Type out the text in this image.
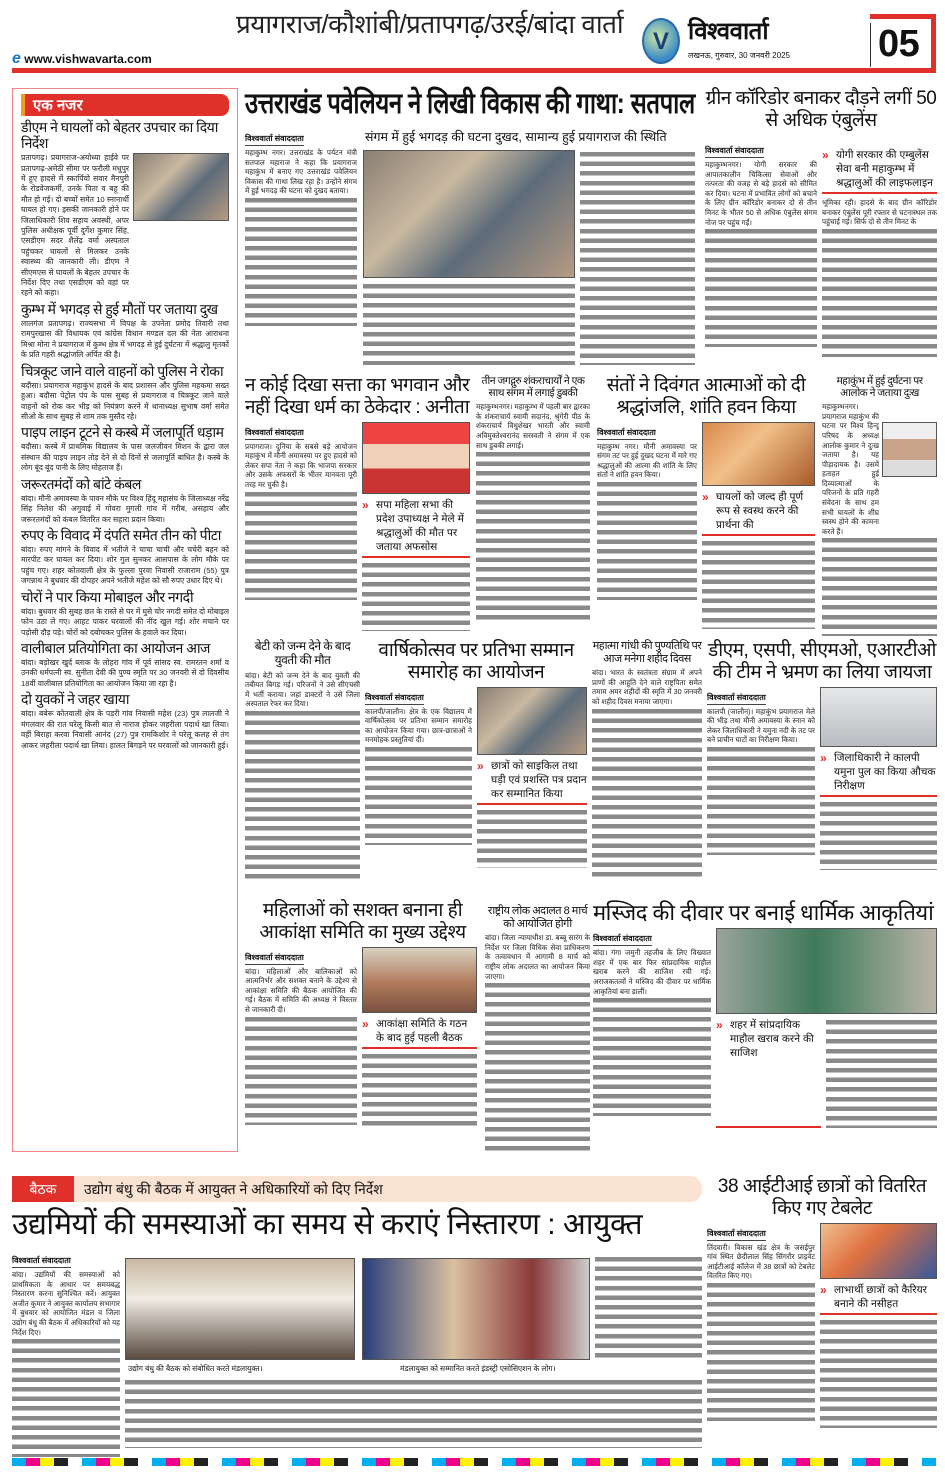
प्रयागराज/कौशांबी/प्रतापगढ़/उरई/बांदा वार्ता
V विश्ववार्ता
लखनऊ, गुरुवार, 30 जनवरी 2025	05
e www.vishwavarta.com
एक नजर
डीएम ने घायलों को बेहतर उपचार का दिया निर्देश
प्रतापगढ़। प्रयागराज-अयोध्या हाईवे पर प्रतापगढ़-अमेठी सीमा पर फरौली मधुपुर में हुए हादसे में स्कार्पियो सवार मैनपुरी के रोडवेजकर्मी, उनके पिता व बहू की मौत हो गई। दो बच्चों समेत 10 स्नानार्थी घायल हो गए। इसकी जानकारी होने पर जिलाधिकारी शिव सहाय अवस्थी, अपर पुलिस अधीक्षक पूर्वी दुर्गेश कुमार सिंह, एसडीएम सदर शैलेंद्र वर्मा अस्पताल पहुंचकर घायलों से मिलकर उनके स्वास्थ्य की जानकारी ली। डीएम ने सीएमएस से घायलों के बेहतर उपचार के निर्देश दिए तथा एसडीएम को वहां पर रहने को कहा।
कुम्भ में भगदड़ से हुई मौतों पर जताया दुख
लालगंज प्रतापगढ़। राज्यसभा में विपक्ष के उपनेता प्रमोद तिवारी तथा रामपुरखास की विधायक एवं कांग्रेस विधान मण्डल दल की नेता आराधना मिश्रा मोना ने प्रयागराज में कुम्भ क्षेत्र में भगदड़ से हुई दुर्घटना में श्रद्धालु मृतकों के प्रति गहरी श्रद्धांजलि अर्पित की है।
चित्रकूट जाने वाले वाहनों को पुलिस ने रोका
बदौसा। प्रयागराज महाकुंभ हादसे के बाद प्रशासन और पुलिस महकमा सख्त हुआ। बदौसा पेट्रोल पंप के पास सुबह से प्रयागराज व चित्रकूट जाने वाले वाहनों को रोक कर भीड़ को नियंत्रण करने में थानाध्यक्ष सुभाष वर्मा समेत सीओ के साथ सुबह से शाम तक मुस्तैद रहे।
पाइप लाइन टूटने से कस्बे में जलापूर्ति धड़ाम
बदौसा। कस्बे में प्राथमिक विद्यालय के पास जलजीवन मिशन के द्वारा जल संस्थान की पाइप लाइन तोड़ देने से दो दिनों से जलापूर्ति बाधित है। कस्बे के लोग बूंद बूंद पानी के लिए मोहताज हैं।
जरूरतमंदों को बांटे कंबल
बांदा। मौनी अमावस्या के पावन मौके पर विश्व हिंदू महासंघ के जिलाध्यक्ष नरेंद्र सिंह निलेश की अगुवाई में गोवरा मुगली गांव में गरीब, असहाय और जरूरतमंदों को कंबल वितरित कर सहारा प्रदान किया।
रुपए के विवाद में दंपति समेत तीन को पीटा
बांदा। रुपए मांगने के विवाद में भतीजे ने चाचा चाची और चचेरी बहन को मारपीट कर घायल कर दिया। शोर गुल सुनकर आसपास के लोग मौके पर पहुंच गए। शहर कोतवाली क्षेत्र के फुल्ला पुरवा निवासी राजाराम (55) पुत्र जगन्नाथ ने बुधवार की दोपहर अपने भतीजे महेश को सौ रुपए उधार दिए थे।
चोरों ने पार किया मोबाइल और नगदी
बांदा। बुधवार की सुबह छत के रास्ते से घर में घुसे चोर नगदी समेत दो मोबाइल फोन उठा ले गए। आहट पाकर घरवालों की नींद खुल गई। शोर मचाने पर पड़ोसी दौड़ पड़े। चोरों को दबोचकर पुलिस के हवाले कर दिया।
वालीबाल प्रतियोगिता का आयोजन आज
बांदा। बड़ोखर खुर्द ब्लाक के लोहरा गांव में पूर्व सांसद स्व. रामरतन शर्मा व उनकी धर्मपत्नी स्व. सुनीता देवी की पुण्य स्मृति पर 30 जनवरी से दो दिवसीय 18वीं वालीबाल प्रतियोगिता का आयोजन किया जा रहा है।
दो युवकों ने जहर खाया
बांदा। बबेरू कोतवाली क्षेत्र के पड़री गांव निवासी महेश (23) पुत्र लालजी ने मंगलवार की रात घरेलू किसी बात से नाराज होकर जहरीला पदार्थ खा लिया। वहीं बिराहा करवा निवासी आनंद (27) पुत्र रामकिशोर ने घरेलू कलह से तंग आकर जहरीला पदार्थ खा लिया। हालत बिगड़ने पर घरवालों को जानकारी हुई।
उत्तराखंड पवेलियन ने लिखी विकास की गाथा: सतपाल
संगम में हुई भगदड़ की घटना दुखद, सामान्य हुई प्रयागराज की स्थिति
विश्ववार्ता संवाददाता
महाकुम्भ नगर। उत्तराखंड के पर्यटन मंत्री सतपाल महाराज ने कहा कि प्रयागराज महाकुंभ में बनाए गए उत्तराखंड पवेलियन विकास की गाथा लिख रहा है। उन्होंने संगम में हुई भगदड़ की घटना को दुखद बताया।
ग्रीन कॉरिडोर बनाकर दौड़ने लगीं 50 से अधिक एंबुलेंस
विश्ववार्ता संवाददाता
महाकुम्भनगर। योगी सरकार की आपातकालीन चिकित्सा सेवाओं और तत्परता की वजह से बड़े हादसे को सीमित कर दिया। घटना में प्रभावित लोगों को बचाने के लिए ग्रीन कॉरिडोर बनाकर दो से तीन मिनट के भीतर 50 से अधिक एंबुलेंस संगम नोज पर पहुंच गईं।
» योगी सरकार की एम्बुलेंस सेवा बनी महाकुम्भ में श्रद्धालुओं की लाइफलाइन
भूमिका रही। हादसे के बाद ग्रीन कॉरिडोर बनाकर एंबुलेंस पूरी रफ्तार से घटनास्थल तक पहुंचाई गई। सिर्फ दो से तीन मिनट के
न कोई दिखा सत्ता का भगवान और नहीं दिखा धर्म का ठेकेदार : अनीता
विश्ववार्ता संवाददाता
प्रयागराज। दुनिया के सबसे बड़े आयोजन महाकुंभ में मौनी अमावस्या पर हुए हादसे को लेकर सपा नेता ने कहा कि भाजपा सरकार और उसके अफसरों के भीतर मानवता पूरी तरह मर चुकी है।
» सपा महिला सभा की प्रदेश उपाध्यक्ष ने मेले में श्रद्धालुओं की मौत पर जताया अफसोस
तीन जगद्गुरु शंकराचार्यों ने एक साथ संगम में लगाई डुबकी
महाकुम्भनगर। महाकुम्भ में पहली बार द्वारका के शंकराचार्य स्वामी सदानंद, श्रृंगेरी पीठ के शंकराचार्य विधुशेखर भारती और स्वामी अविमुक्तेश्वरानंद सरस्वती ने संगम में एक साथ डुबकी लगाई।
संतों ने दिवंगत आत्माओं को दी श्रद्धांजलि, शांति हवन किया
विश्ववार्ता संवाददाता
महाकुम्भ नगर। मौनी अमावस्या पर संगम तट पर हुई दुखद घटना में मारे गए श्रद्धालुओं की आत्मा की शांति के लिए संतों ने शांति हवन किया।
» घायलों को जल्द ही पूर्ण रूप से स्वस्थ करने की प्रार्थना की
महाकुंभ में हुई दुर्घटना पर आलोक ने जताया दुःख
महाकुम्भनगर। प्रयागराज महाकुंभ की घटना पर विश्व हिन्दू परिषद के अध्यक्ष आलोक कुमार ने दुःख जताया है। यह पीड़ादायक है। उसमें हताहत हुई दिव्यात्माओं के परिजनों के प्रति गहरी संवेदना के साथ हम सभी घायलों के शीघ्र स्वस्थ होने की कामना करते हैं।
बेटी को जन्म देने के बाद युवती की मौत
बांदा। बेटी को जन्म देने के बाद युवती की तबीयत बिगड़ गई। परिजनों ने उसे सीएचसी में भर्ती कराया। जहां डाक्टरों ने उसे जिला अस्पताल रेफर कर दिया।
वार्षिकोत्सव पर प्रतिभा सम्मान समारोह का आयोजन
विश्ववार्ता संवाददाता
कालपी/जालौन। क्षेत्र के एक विद्यालय में वार्षिकोत्सव पर प्रतिभा सम्मान समारोह का आयोजन किया गया। छात्र-छात्राओं ने मनमोहक प्रस्तुतियां दीं।
» छात्रों को साइकिल तथा घड़ी एवं प्रशस्ति पत्र प्रदान कर सम्मानित किया
महात्मा गांधी की पुण्यतिथि पर आज मनेगा शहीद दिवस
बांदा। भारत के स्वतंत्रता संग्राम में अपने प्राणों की आहुति देने वाले राष्ट्रपिता समेत तमाम अमर शहीदों की स्मृति में 30 जनवरी को शहीद दिवस मनाया जाएगा।
डीएम, एसपी, सीएमओ, एआरटीओ की टीम ने भ्रमण का लिया जायजा
विश्ववार्ता संवाददाता
कालपी (जालौन)। महाकुंभ प्रयागराज मेले की भीड़ तथा मौनी अमावस्या के स्नान को लेकर जिलाधिकारी ने यमुना नदी के तट पर बने प्राचीन घाटों का निरीक्षण किया।
» जिलाधिकारी ने कालपी यमुना पुल का किया औचक निरीक्षण
महिलाओं को सशक्त बनाना ही आकांक्षा समिति का मुख्य उद्देश्य
विश्ववार्ता संवाददाता
बांदा। महिलाओं और बालिकाओं को आत्मनिर्भर और सशक्त बनाने के उद्देश्य से आकांक्षा समिति की बैठक आयोजित की गई। बैठक में समिति की अध्यक्ष ने विस्तार से जानकारी दी।
» आकांक्षा समिति के गठन के बाद हुई पहली बैठक
राष्ट्रीय लोक अदालत 8 मार्च को आयोजित होगी
बांदा। जिला न्यायाधीश डा. बब्बू सारंग के निर्देश पर जिला विधिक सेवा प्राधिकरण के तत्वावधान में आगामी 8 मार्च को राष्ट्रीय लोक अदालत का आयोजन किया जाएगा।
मस्जिद की दीवार पर बनाई धार्मिक आकृतियां
विश्ववार्ता संवाददाता
बांदा। गंगा जमुनी तहजीब के लिए विख्यात शहर में एक बार फिर सांप्रदायिक माहौल खराब करने की साजिश रची गई। अराजकतत्वों ने मस्जिद की दीवार पर धार्मिक आकृतियां बना डालीं।
» शहर में सांप्रदायिक माहौल खराब करने की साजिश
बैठक	उद्योग बंधु की बैठक में आयुक्त ने अधिकारियों को दिए निर्देश
उद्यमियों की समस्याओं का समय से कराएं निस्तारण : आयुक्त
विश्ववार्ता संवाददाता
बांदा। उद्यमियों की समस्याओं को प्राथमिकता के आधार पर समयबद्ध निस्तारण करना सुनिश्चित करें। आयुक्त अजीत कुमार ने आयुक्त कार्यालय सभागार में बुधवार को आयोजित मंडल व जिला उद्योग बंधु की बैठक में अधिकारियों को यह निर्देश दिए।
उद्योग बंधु की बैठक को संबोधित करते मंडलायुक्त।	मंडलायुक्त को सम्मानित करते इंडस्ट्री एसोसिएशन के लोग।
38 आईटीआई छात्रों को वितरित किए गए टेबलेट
विश्ववार्ता संवाददाता
तिंदवारी। विकास खंड क्षेत्र के जसईपुर गांव स्थित छेदीलाल सिंह सिंगरौर प्राइवेट आईटीआई कॉलेज में 38 छात्रों को टेबलेट वितरित किए गए।
» लाभार्थी छात्रों को कैरियर बनाने की नसीहत
